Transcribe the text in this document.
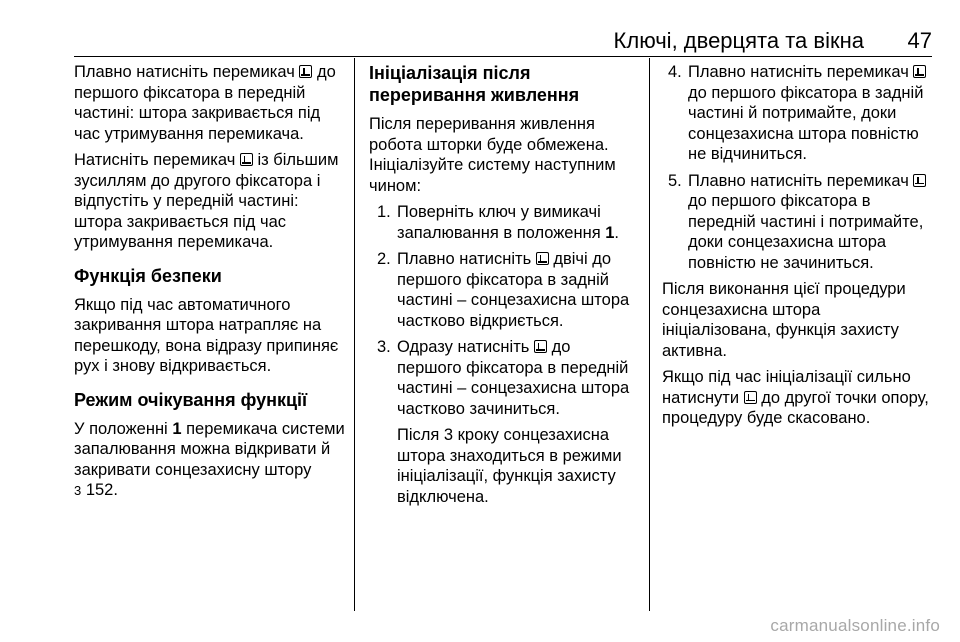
Ключі, дверцята та вікна 47

Плавно натисніть перемикач до першого фіксатора в передній частині: штора закривається під час утримування перемикача.

Натисніть перемикач із більшим зусиллям до другого фіксатора і відпустіть у передній частині: штора закривається під час утримування перемикача.

Функція безпеки

Якщо під час автоматичного закривання штора натрапляє на перешкоду, вона відразу припиняє рух і знову відкривається.

Режим очікування функції

У положенні 1 перемикача системи запалювання можна відкривати й закривати сонцезахисну штору
3 152.

Ініціалізація після переривання живлення

Після переривання живлення робота шторки буде обмежена. Ініціалізуйте систему наступним чином:

1. Поверніть ключ у вимикачі запалювання в положення 1.
2. Плавно натисніть двічі до першого фіксатора в задній частині – сонцезахисна штора частково відкриється.
3. Одразу натисніть до першого фіксатора в передній частині – сонцезахисна штора частково зачиниться.

Після 3 кроку сонцезахисна штора знаходиться в режими ініціалізації, функція захисту відключена.

4. Плавно натисніть перемикач  до першого фіксатора в задній частині й потримайте, доки сонцезахисна штора повністю не відчиниться.
5. Плавно натисніть перемикач  до першого фіксатора в передній частині і потримайте, доки сонцезахисна штора повністю не зачиниться.

Після виконання цієї процедури сонцезахисна штора ініціалізована, функція захисту активна.

Якщо під час ініціалізації сильно натиснути до другої точки опору, процедуру буде скасовано.

carmanualsonline.info
